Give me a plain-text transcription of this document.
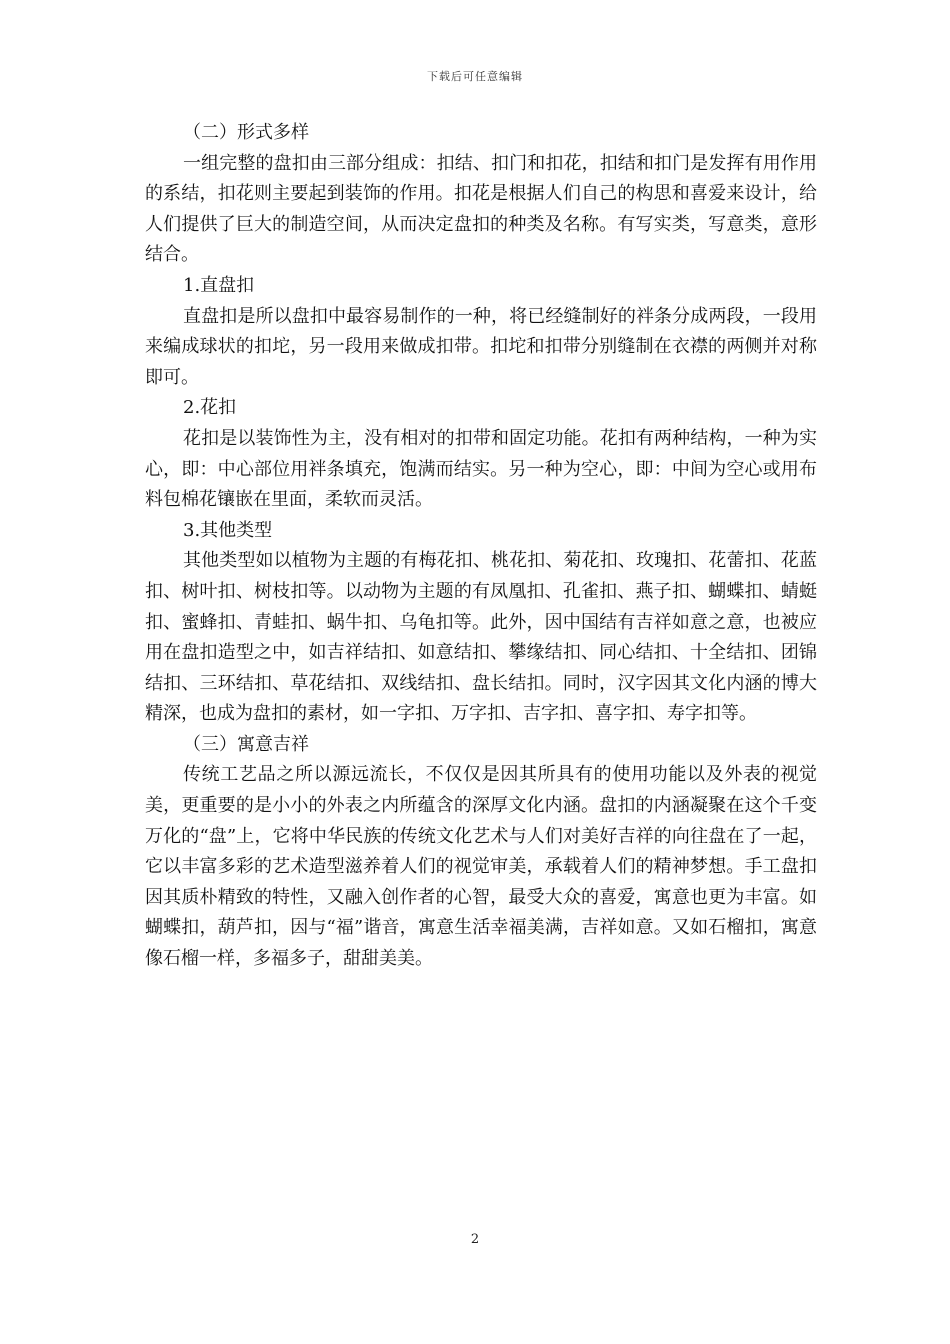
下载后可任意编辑

（二）形式多样

一组完整的盘扣由三部分组成：扣结、扣门和扣花，扣结和扣门是发挥有用作用的系结，扣花则主要起到装饰的作用。扣花是根据人们自己的构思和喜爱来设计，给人们提供了巨大的制造空间，从而决定盘扣的种类及名称。有写实类，写意类，意形结合。

1.直盘扣

直盘扣是所以盘扣中最容易制作的一种，将已经缝制好的袢条分成两段，一段用来编成球状的扣坨，另一段用来做成扣带。扣坨和扣带分别缝制在衣襟的两侧并对称即可。

2.花扣

花扣是以装饰性为主，没有相对的扣带和固定功能。花扣有两种结构，一种为实心，即：中心部位用袢条填充，饱满而结实。另一种为空心，即：中间为空心或用布料包棉花镶嵌在里面，柔软而灵活。

3.其他类型

其他类型如以植物为主题的有梅花扣、桃花扣、菊花扣、玫瑰扣、花蕾扣、花蓝扣、树叶扣、树枝扣等。以动物为主题的有凤凰扣、孔雀扣、燕子扣、蝴蝶扣、蜻蜓扣、蜜蜂扣、青蛙扣、蜗牛扣、乌龟扣等。此外，因中国结有吉祥如意之意，也被应用在盘扣造型之中，如吉祥结扣、如意结扣、攀缘结扣、同心结扣、十全结扣、团锦结扣、三环结扣、草花结扣、双线结扣、盘长结扣。同时，汉字因其文化内涵的博大精深，也成为盘扣的素材，如一字扣、万字扣、吉字扣、喜字扣、寿字扣等。

（三）寓意吉祥

传统工艺品之所以源远流长，不仅仅是因其所具有的使用功能以及外表的视觉美，更重要的是小小的外表之内所蕴含的深厚文化内涵。盘扣的内涵凝聚在这个千变万化的“盘”上，它将中华民族的传统文化艺术与人们对美好吉祥的向往盘在了一起，它以丰富多彩的艺术造型滋养着人们的视觉审美，承载着人们的精神梦想。手工盘扣因其质朴精致的特性，又融入创作者的心智，最受大众的喜爱，寓意也更为丰富。如蝴蝶扣，葫芦扣，因与“福”谐音，寓意生活幸福美满，吉祥如意。又如石榴扣，寓意像石榴一样，多福多子，甜甜美美。

2
